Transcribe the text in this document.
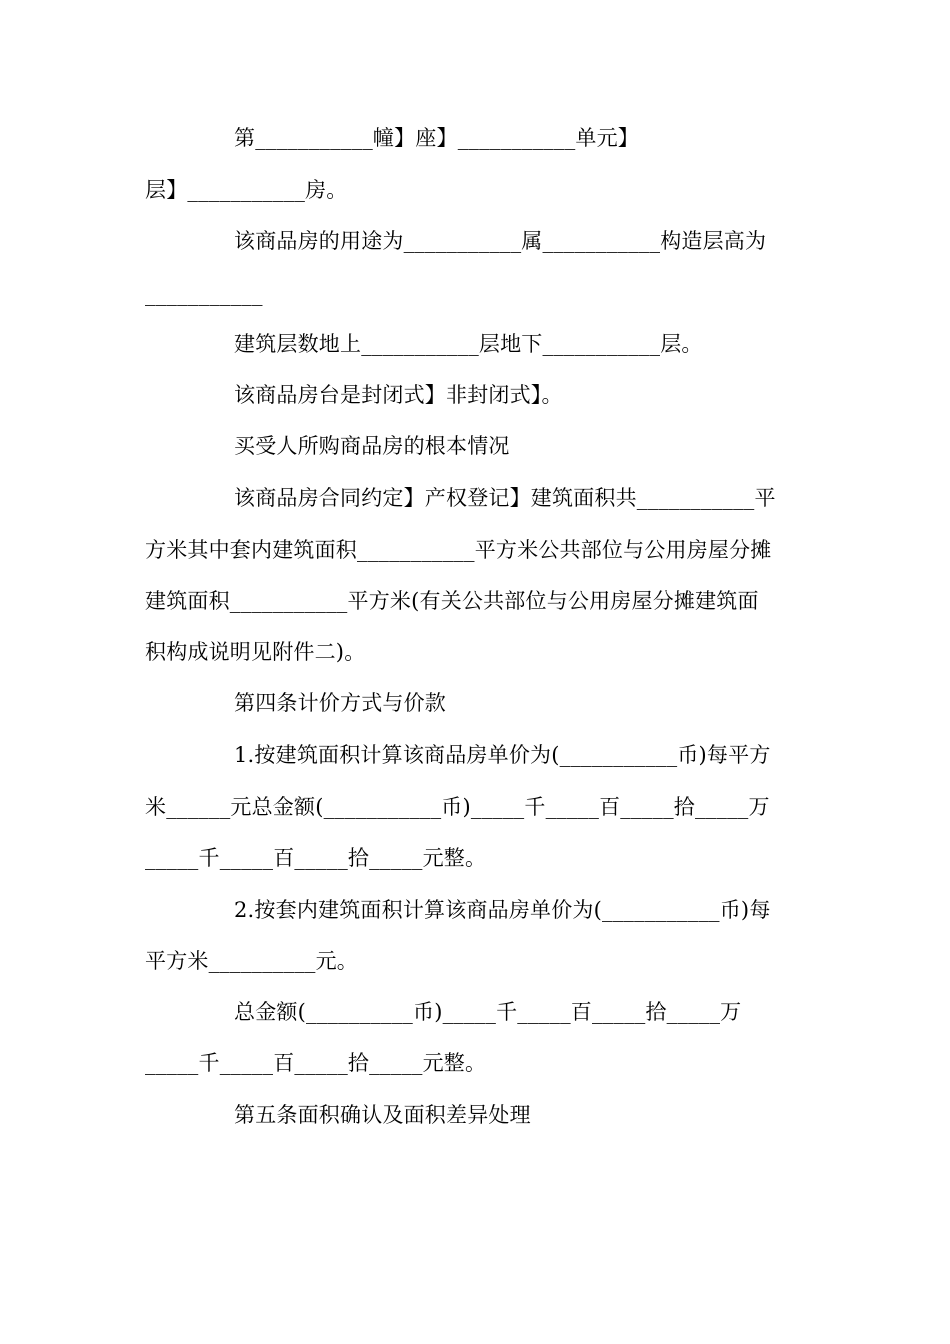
第___________幢】座】___________单元】
层】___________房。
该商品房的用途为___________属___________构造层高为
___________
建筑层数地上___________层地下___________层。
该商品房台是封闭式】非封闭式】。
买受人所购商品房的根本情况
该商品房合同约定】产权登记】建筑面积共___________平
方米其中套内建筑面积___________平方米公共部位与公用房屋分摊
建筑面积___________平方米(有关公共部位与公用房屋分摊建筑面
积构成说明见附件二)。
第四条计价方式与价款
1.按建筑面积计算该商品房单价为(___________币)每平方
米______元总金额(___________币)_____千_____百_____拾_____万
_____千_____百_____拾_____元整。
2.按套内建筑面积计算该商品房单价为(___________币)每
平方米__________元。
总金额(__________币)_____千_____百_____拾_____万
_____千_____百_____拾_____元整。
第五条面积确认及面积差异处理
